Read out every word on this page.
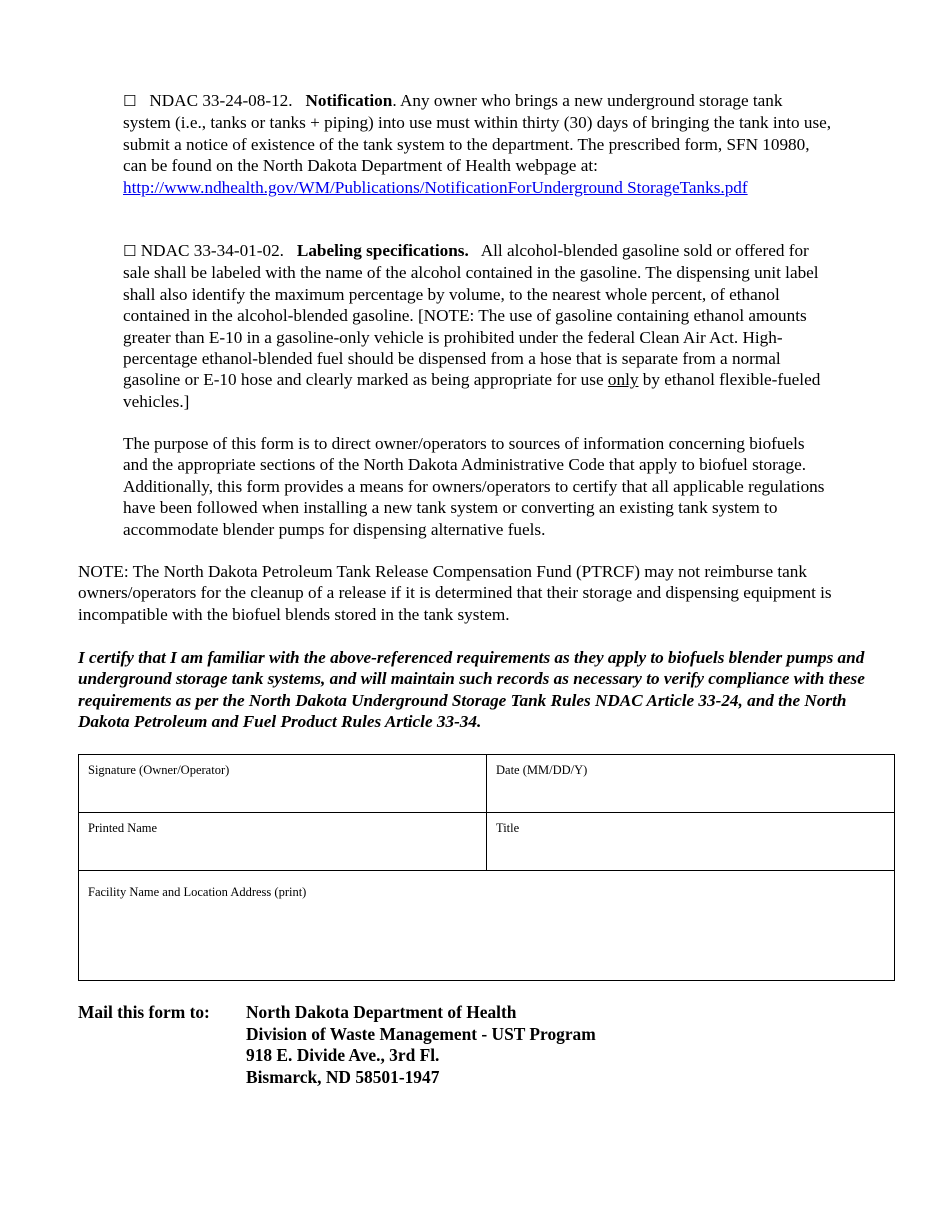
☐ NDAC 33-24-08-12. Notification. Any owner who brings a new underground storage tank system (i.e., tanks or tanks + piping) into use must within thirty (30) days of bringing the tank into use, submit a notice of existence of the tank system to the department. The prescribed form, SFN 10980, can be found on the North Dakota Department of Health webpage at:
http://www.ndhealth.gov/WM/Publications/NotificationForUnderground StorageTanks.pdf

☐ NDAC 33-34-01-02. Labeling specifications. All alcohol-blended gasoline sold or offered for sale shall be labeled with the name of the alcohol contained in the gasoline. The dispensing unit label shall also identify the maximum percentage by volume, to the nearest whole percent, of ethanol contained in the alcohol-blended gasoline. [NOTE: The use of gasoline containing ethanol amounts greater than E-10 in a gasoline-only vehicle is prohibited under the federal Clean Air Act. High-percentage ethanol-blended fuel should be dispensed from a hose that is separate from a normal gasoline or E-10 hose and clearly marked as being appropriate for use only by ethanol flexible-fueled vehicles.]

The purpose of this form is to direct owner/operators to sources of information concerning biofuels and the appropriate sections of the North Dakota Administrative Code that apply to biofuel storage. Additionally, this form provides a means for owners/operators to certify that all applicable regulations have been followed when installing a new tank system or converting an existing tank system to accommodate blender pumps for dispensing alternative fuels.

NOTE: The North Dakota Petroleum Tank Release Compensation Fund (PTRCF) may not reimburse tank owners/operators for the cleanup of a release if it is determined that their storage and dispensing equipment is incompatible with the biofuel blends stored in the tank system.

I certify that I am familiar with the above-referenced requirements as they apply to biofuels blender pumps and underground storage tank systems, and will maintain such records as necessary to verify compliance with these requirements as per the North Dakota Underground Storage Tank Rules NDAC Article 33-24, and the North Dakota Petroleum and Fuel Product Rules Article 33-34.

Signature (Owner/Operator)	Date (MM/DD/Y)
Printed Name	Title
Facility Name and Location Address (print)	
Mail this form to: North Dakota Department of Health
Division of Waste Management - UST Program
918 E. Divide Ave., 3rd Fl.
Bismarck, ND 58501-1947
